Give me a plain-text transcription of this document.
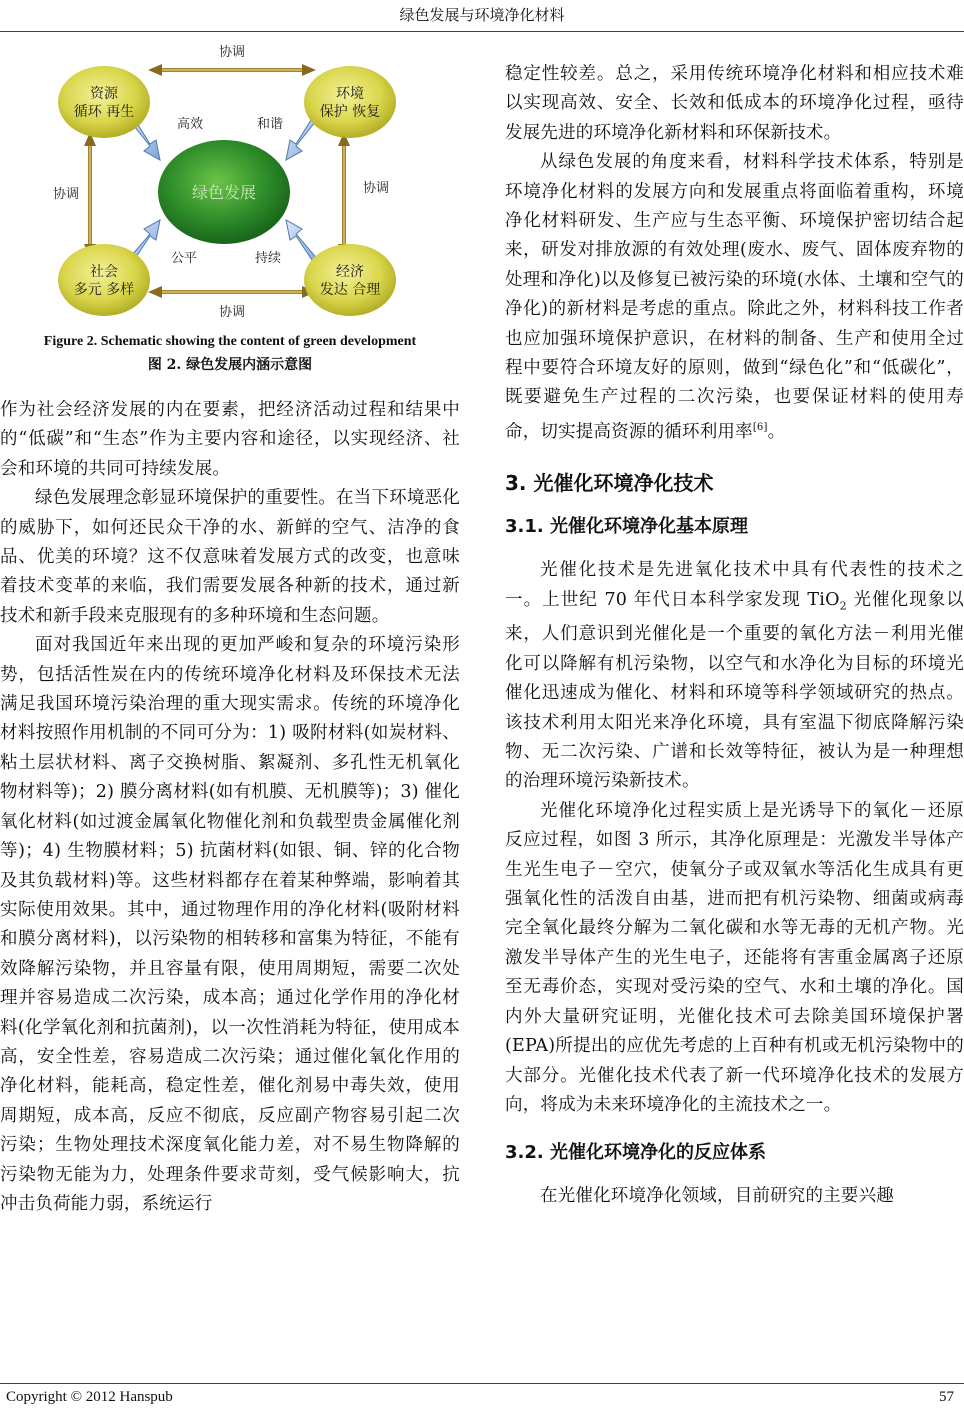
绿色发展与环境净化材料
资源
循环 再生
环境
保护 恢复
社会
多元 多样
经济
发达 合理
绿色发展
协调
协调
协调	协调
高效	和谐
公平	持续
Figure 2. Schematic showing the content of green development
图 2. 绿色发展内涵示意图

作为社会经济发展的内在要素，把经济活动过程和结果中的“低碳”和“生态”作为主要内容和途径，以实现经济、社会和环境的共同可持续发展。

绿色发展理念彰显环境保护的重要性。在当下环境恶化的威胁下，如何还民众干净的水、新鲜的空气、洁净的食品、优美的环境？这不仅意味着发展方式的改变，也意味着技术变革的来临，我们需要发展各种新的技术，通过新技术和新手段来克服现有的多种环境和生态问题。

面对我国近年来出现的更加严峻和复杂的环境污染形势，包括活性炭在内的传统环境净化材料及环保技术无法满足我国环境污染治理的重大现实需求。传统的环境净化材料按照作用机制的不同可分为：1) 吸附材料(如炭材料、粘土层状材料、离子交换树脂、絮凝剂、多孔性无机氧化物材料等)；2) 膜分离材料(如有机膜、无机膜等)；3) 催化氧化材料(如过渡金属氧化物催化剂和负载型贵金属催化剂等)；4) 生物膜材料；5) 抗菌材料(如银、铜、锌的化合物及其负载材料)等。这些材料都存在着某种弊端，影响着其实际使用效果。其中，通过物理作用的净化材料(吸附材料和膜分离材料)，以污染物的相转移和富集为特征，不能有效降解污染物，并且容量有限，使用周期短，需要二次处理并容易造成二次污染，成本高；通过化学作用的净化材料(化学氧化剂和抗菌剂)，以一次性消耗为特征，使用成本高，安全性差，容易造成二次污染；通过催化氧化作用的净化材料，能耗高，稳定性差，催化剂易中毒失效，使用周期短，成本高，反应不彻底，反应副产物容易引起二次污染；生物处理技术深度氧化能力差，对不易生物降解的污染物无能为力，处理条件要求苛刻，受气候影响大，抗冲击负荷能力弱，系统运行

稳定性较差。总之，采用传统环境净化材料和相应技术难以实现高效、安全、长效和低成本的环境净化过程，亟待发展先进的环境净化新材料和环保新技术。

从绿色发展的角度来看，材料科学技术体系，特别是环境净化材料的发展方向和发展重点将面临着重构，环境净化材料研发、生产应与生态平衡、环境保护密切结合起来，研发对排放源的有效处理(废水、废气、固体废弃物的处理和净化)以及修复已被污染的环境(水体、土壤和空气的净化)的新材料是考虑的重点。除此之外，材料科技工作者也应加强环境保护意识，在材料的制备、生产和使用全过程中要符合环境友好的原则，做到“绿色化”和“低碳化”，既要避免生产过程的二次污染，也要保证材料的使用寿命，切实提高资源的循环利用率[6]。

3. 光催化环境净化技术
3.1. 光催化环境净化基本原理

光催化技术是先进氧化技术中具有代表性的技术之一。上世纪 70 年代日本科学家发现 TiO$_2$ 光催化现象以来，人们意识到光催化是一个重要的氧化方法－利用光催化可以降解有机污染物，以空气和水净化为目标的环境光催化迅速成为催化、材料和环境等科学领域研究的热点。该技术利用太阳光来净化环境，具有室温下彻底降解污染物、无二次污染、广谱和长效等特征，被认为是一种理想的治理环境污染新技术。

光催化环境净化过程实质上是光诱导下的氧化－还原反应过程，如图 3 所示，其净化原理是：光激发半导体产生光生电子－空穴，使氧分子或双氧水等活化生成具有更强氧化性的活泼自由基，进而把有机污染物、细菌或病毒完全氧化最终分解为二氧化碳和水等无毒的无机产物。光激发半导体产生的光生电子，还能将有害重金属离子还原至无毒价态，实现对受污染的空气、水和土壤的净化。国内外大量研究证明，光催化技术可去除美国环境保护署(EPA)所提出的应优先考虑的上百种有机或无机污染物中的大部分。光催化技术代表了新一代环境净化技术的发展方向，将成为未来环境净化的主流技术之一。

3.2. 光催化环境净化的反应体系

在光催化环境净化领域，目前研究的主要兴趣

Copyright © 2012 Hanspub	57
